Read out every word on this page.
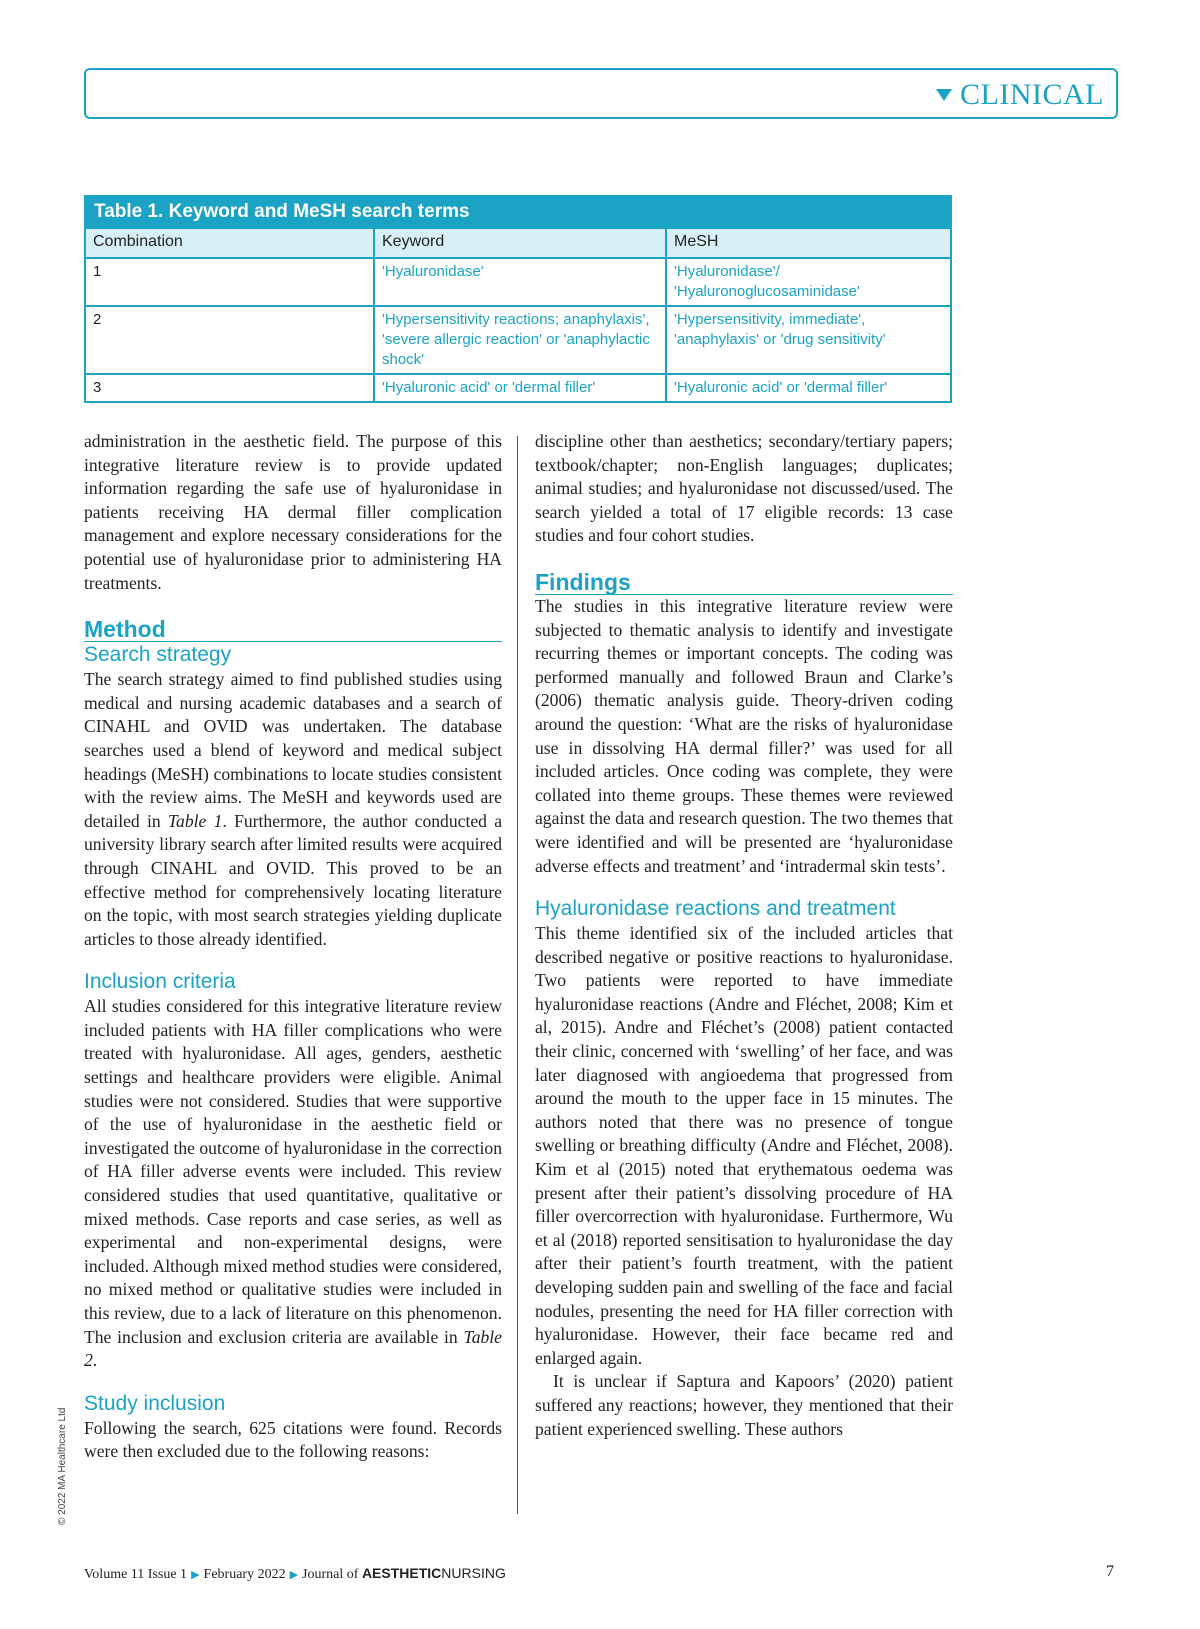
CLINICAL
Table 1. Keyword and MeSH search terms
Combination	Keyword	MeSH
1	'Hyaluronidase'	'Hyaluronidase'/ 'Hyaluronoglucosaminidase'
2	'Hypersensitivity reactions; anaphylaxis', 'severe allergic reaction' or 'anaphylactic shock'	'Hypersensitivity, immediate', 'anaphylaxis' or 'drug sensitivity'
3	'Hyaluronic acid' or 'dermal filler'	'Hyaluronic acid' or 'dermal filler'

administration in the aesthetic field. The purpose of this integrative literature review is to provide updated information regarding the safe use of hyaluronidase in patients receiving HA dermal filler complication management and explore necessary considerations for the potential use of hyaluronidase prior to administering HA treatments.

Method
Search strategy

The search strategy aimed to find published studies using medical and nursing academic databases and a search of CINAHL and OVID was undertaken. The database searches used a blend of keyword and medical subject headings (MeSH) combinations to locate studies consistent with the review aims. The MeSH and keywords used are detailed in Table 1. Furthermore, the author conducted a university library search after limited results were acquired through CINAHL and OVID. This proved to be an effective method for comprehensively locating literature on the topic, with most search strategies yielding duplicate articles to those already identified.

Inclusion criteria

All studies considered for this integrative literature review included patients with HA filler complications who were treated with hyaluronidase. All ages, genders, aesthetic settings and healthcare providers were eligible. Animal studies were not considered. Studies that were supportive of the use of hyaluronidase in the aesthetic field or investigated the outcome of hyaluronidase in the correction of HA filler adverse events were included. This review considered studies that used quantitative, qualitative or mixed methods. Case reports and case series, as well as experimental and non-experimental designs, were included. Although mixed method studies were considered, no mixed method or qualitative studies were included in this review, due to a lack of literature on this phenomenon. The inclusion and exclusion criteria are available in Table 2.

Study inclusion

Following the search, 625 citations were found. Records were then excluded due to the following reasons:

discipline other than aesthetics; secondary/tertiary papers; textbook/chapter; non-English languages; duplicates; animal studies; and hyaluronidase not discussed/used. The search yielded a total of 17 eligible records: 13 case studies and four cohort studies.

Findings

The studies in this integrative literature review were subjected to thematic analysis to identify and investigate recurring themes or important concepts. The coding was performed manually and followed Braun and Clarke’s (2006) thematic analysis guide. Theory-driven coding around the question: ‘What are the risks of hyaluronidase use in dissolving HA dermal filler?’ was used for all included articles. Once coding was complete, they were collated into theme groups. These themes were reviewed against the data and research question. The two themes that were identified and will be presented are ‘hyaluronidase adverse effects and treatment’ and ‘intradermal skin tests’.

Hyaluronidase reactions and treatment

This theme identified six of the included articles that described negative or positive reactions to hyaluronidase. Two patients were reported to have immediate hyaluronidase reactions (Andre and Fléchet, 2008; Kim et al, 2015). Andre and Fléchet’s (2008) patient contacted their clinic, concerned with ‘swelling’ of her face, and was later diagnosed with angioedema that progressed from around the mouth to the upper face in 15 minutes. The authors noted that there was no presence of tongue swelling or breathing difficulty (Andre and Fléchet, 2008). Kim et al (2015) noted that erythematous oedema was present after their patient’s dissolving procedure of HA filler overcorrection with hyaluronidase. Furthermore, Wu et al (2018) reported sensitisation to hyaluronidase the day after their patient’s fourth treatment, with the patient developing sudden pain and swelling of the face and facial nodules, presenting the need for HA filler correction with hyaluronidase. However, their face became red and enlarged again.

It is unclear if Saptura and Kapoors’ (2020) patient suffered any reactions; however, they mentioned that their patient experienced swelling. These authors

© 2022 MA Healthcare Ltd
Volume 11 Issue 1 ▶ February 2022 ▶ Journal of AESTHETICNURSING	7
